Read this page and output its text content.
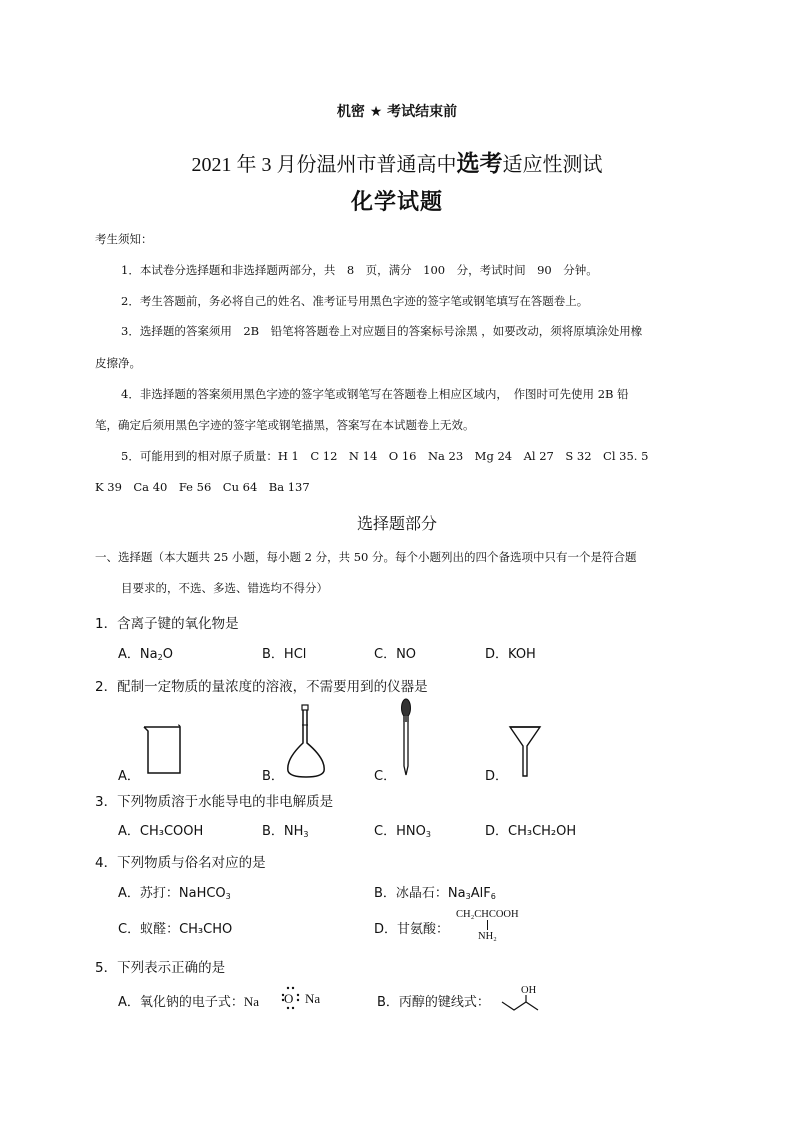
机密 ★ 考试结束前
2021 年 3 月份温州市普通高中选考适应性测试
化学试题
考生须知：
1．本试卷分选择题和非选择题两部分，共　8　页，满分　100　分，考试时间　90　分钟。
2．考生答题前，务必将自己的姓名、准考证号用黑色字迹的签字笔或钢笔填写在答题卷上。
3．选择题的答案须用　2B　铅笔将答题卷上对应题目的答案标号涂黑 ，如要改动，须将原填涂处用橡
皮擦净。
4．非选择题的答案须用黑色字迹的签字笔或钢笔写在答题卷上相应区域内，　作图时可先使用 2B 铅
笔，确定后须用黑色字迹的签字笔或钢笔描黑，答案写在本试题卷上无效。
5．可能用到的相对原子质量：H 1　C 12　N 14　O 16　Na 23　Mg 24　Al 27　S 32　Cl 35. 5
K 39　Ca 40　Fe 56　Cu 64　Ba 137
选择题部分
一、选择题（本大题共 25 小题，每小题 2 分，共 50 分。每个小题列出的四个备选项中只有一个是符合题
目要求的，不选、多选、错选均不得分）
1．含离子键的氧化物是
A．$Na_2O$	B．HCl	C．NO	D．KOH
2．配制一定物质的量浓度的溶液，不需要用到的仪器是
A．	B．	C．	D．
3．下列物质溶于水能导电的非电解质是
A．CH₃COOH	B．$NH_3$	C．$HNO_3$	D．CH₃CH₂OH
4．下列物质与俗名对应的是
A．苏打：NaHCO$_3$	B．冰晶石：$Na_3AlF_6$
C．蚁醛：CH₃CHO	D．甘氨酸：
CH₂CHCOOH
NH₂
5．下列表示正确的是
A．氧化钠的电子式：Na O Na	B．丙醇的键线式：
OH
